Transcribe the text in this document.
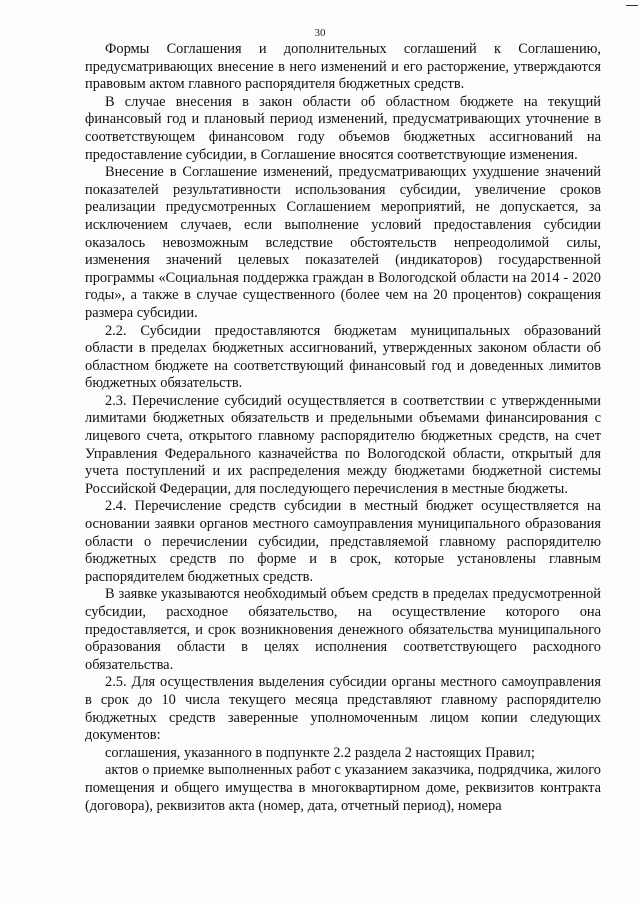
30

Формы Соглашения и дополнительных соглашений к Соглашению, предусматривающих внесение в него изменений и его расторжение, утверждаются правовым актом главного распорядителя бюджетных средств.

В случае внесения в закон области об областном бюджете на текущий финансовый год и плановый период изменений, предусматривающих уточнение в соответствующем финансовом году объемов бюджетных ассигнований на предоставление субсидии, в Соглашение вносятся соответствующие изменения.

Внесение в Соглашение изменений, предусматривающих ухудшение значений показателей результативности использования субсидии, увеличение сроков реализации предусмотренных Соглашением мероприятий, не допускается, за исключением случаев, если выполнение условий предоставления субсидии оказалось невозможным вследствие обстоятельств непреодолимой силы, изменения значений целевых показателей (индикаторов) государственной программы «Социальная поддержка граждан в Вологодской области на 2014 - 2020 годы», а также в случае существенного (более чем на 20 процентов) сокращения размера субсидии.

2.2. Субсидии предоставляются бюджетам муниципальных образований области в пределах бюджетных ассигнований, утвержденных законом области об областном бюджете на соответствующий финансовый год и доведенных лимитов бюджетных обязательств.

2.3. Перечисление субсидий осуществляется в соответствии с утвержденными лимитами бюджетных обязательств и предельными объемами финансирования с лицевого счета, открытого главному распорядителю бюджетных средств, на счет Управления Федерального казначейства по Вологодской области, открытый для учета поступлений и их распределения между бюджетами бюджетной системы Российской Федерации, для последующего перечисления в местные бюджеты.

2.4. Перечисление средств субсидии в местный бюджет осуществляется на основании заявки органов местного самоуправления муниципального образования области о перечислении субсидии, представляемой главному распорядителю бюджетных средств по форме и в срок, которые установлены главным распорядителем бюджетных средств.

В заявке указываются необходимый объем средств в пределах предусмотренной субсидии, расходное обязательство, на осуществление которого она предоставляется, и срок возникновения денежного обязательства муниципального образования области в целях исполнения соответствующего расходного обязательства.

2.5. Для осуществления выделения субсидии органы местного самоуправления в срок до 10 числа текущего месяца представляют главному распорядителю бюджетных средств заверенные уполномоченным лицом копии следующих документов:

соглашения, указанного в подпункте 2.2 раздела 2 настоящих Правил;

актов о приемке выполненных работ с указанием заказчика, подрядчика, жилого помещения и общего имущества в многоквартирном доме, реквизитов контракта (договора), реквизитов акта (номер, дата, отчетный период), номера
